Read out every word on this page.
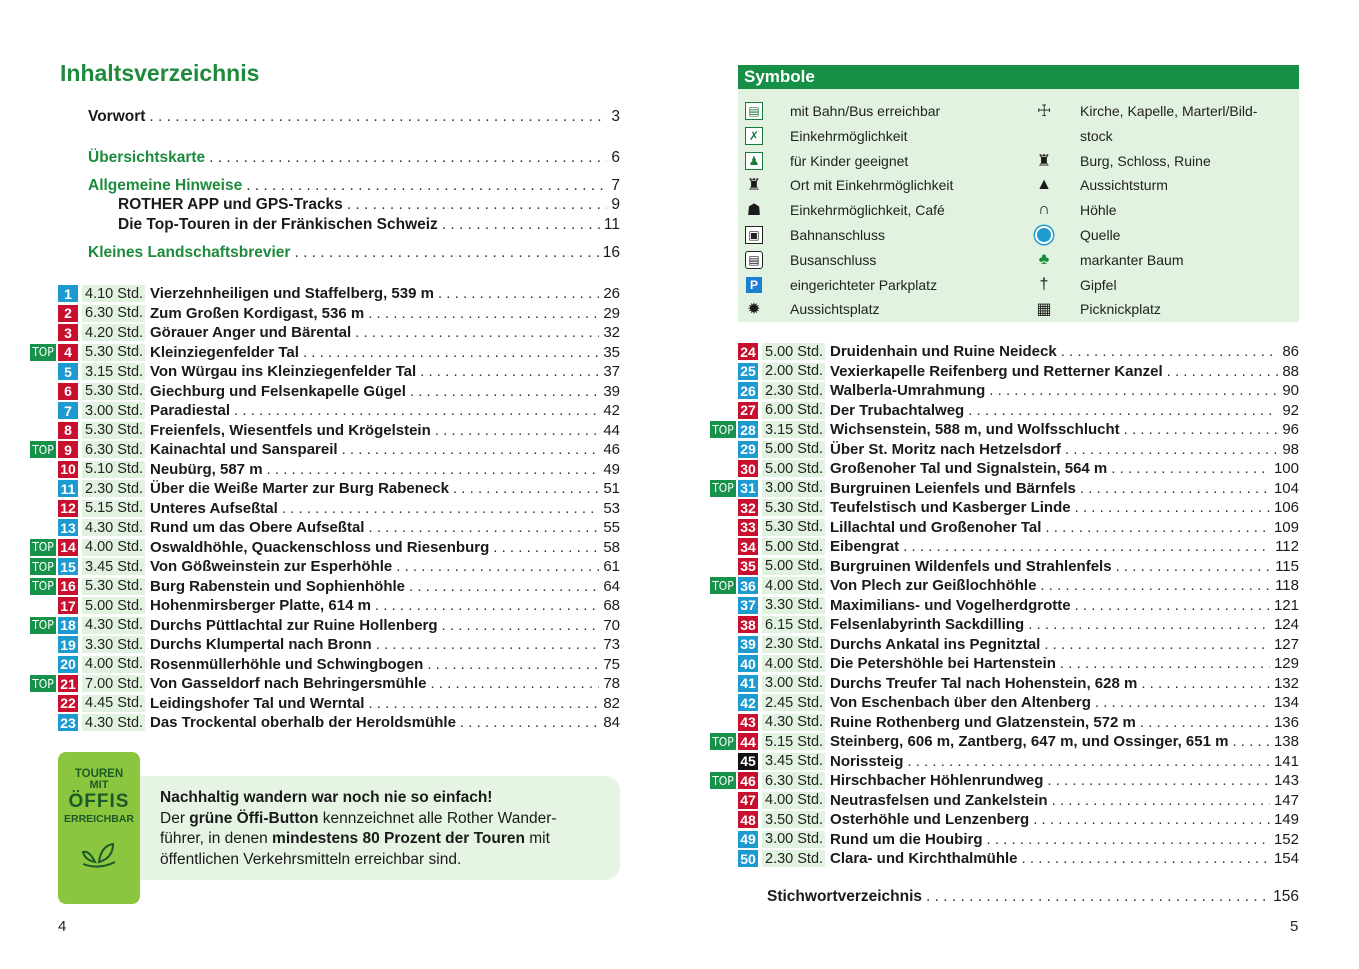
Inhaltsverzeichnis
Vorwort . . .	3
Übersichtskarte . . .	6
Allgemeine Hinweise . . .	7
ROTHER APP und GPS-Tracks . . .	9
Die Top-Touren in der Fränkischen Schweiz . . .	11
Kleines Landschaftsbrevier . . .	16
1 4.10 Std. Vierzehnheiligen und Staffelberg, 539 m . . .	26
2 6.30 Std. Zum Großen Kordigast, 536 m . . .	29
3 4.20 Std. Görauer Anger und Bärental . . .	32
TOP 4 5.30 Std. Kleinziegenfelder Tal . . .	35
5 3.15 Std. Von Würgau ins Kleinziegenfelder Tal . . .	37
6 5.30 Std. Giechburg und Felsenkapelle Gügel . . .	39
7 3.00 Std. Paradiestal . . .	42
8 5.30 Std. Freienfels, Wiesentfels und Krögelstein . . .	44
TOP 9 6.30 Std. Kainachtal und Sanspareil . . .	46
10 5.10 Std. Neubürg, 587 m . . .	49
11 2.30 Std. Über die Weiße Marter zur Burg Rabeneck . . .	51
12 5.15 Std. Unteres Aufseßtal . . .	53
13 4.30 Std. Rund um das Obere Aufseßtal . . .	55
TOP 14 4.00 Std. Oswaldhöhle, Quackenschloss und Riesenburg . . .	58
TOP 15 3.45 Std. Von Gößweinstein zur Esperhöhle . . .	61
TOP 16 5.30 Std. Burg Rabenstein und Sophienhöhle . . .	64
17 5.00 Std. Hohenmirsberger Platte, 614 m . . .	68
TOP 18 4.30 Std. Durchs Püttlachtal zur Ruine Hollenberg . . .	70
19 3.30 Std. Durchs Klumpertal nach Bronn . . .	73
20 4.00 Std. Rosenmüllerhöhle und Schwingbogen . . .	75
TOP 21 7.00 Std. Von Gasseldorf nach Behringersmühle . . .	78
22 4.45 Std. Leidingshofer Tal und Werntal . . .	82
23 4.30 Std. Das Trockental oberhalb der Heroldsmühle . . .	84
TOUREN
MIT
ÖFFIS
ERREICHBAR
Nachhaltig wandern war noch nie so einfach!
Der grüne Öffi-Button kennzeichnet alle Rother Wander-
führer, in denen mindestens 80 Prozent der Touren mit
öffentlichen Verkehrsmitteln erreichbar sind.
4
Symbole
▤ mit Bahn/Bus erreichbar
✗ Einkehrmöglichkeit
♟ für Kinder geeignet
♜ Ort mit Einkehrmöglichkeit
☗ Einkehrmöglichkeit, Café
▣ Bahnanschluss
▤ Busanschluss
P eingerichteter Parkplatz
✹	Aussichtsplatz
☩ Kirche, Kapelle, Marterl/Bild-
stock
♜ Burg, Schloss, Ruine
▲ Aussichtsturm
∩	Höhle
Quelle
♣ markanter Baum
†	Gipfel
▦ Picknickplatz
24 5.00 Std. Druidenhain und Ruine Neideck . . .	86
25 2.00 Std. Vexierkapelle Reifenberg und Retterner Kanzel . . .	88
26 2.30 Std. Walberla-Umrahmung . . .	90
27 6.00 Std. Der Trubachtalweg . . .	92
TOP 28 3.15 Std. Wichsenstein, 588 m, und Wolfsschlucht . . .	96
29 5.00 Std. Über St. Moritz nach Hetzelsdorf . . .	98
30 5.00 Std. Großenoher Tal und Signalstein, 564 m . . .	100
TOP 31 3.00 Std. Burgruinen Leienfels und Bärnfels . . .	104
32 5.30 Std. Teufelstisch und Kasberger Linde . . .	106
33 5.30 Std. Lillachtal und Großenoher Tal . . .	109
34 5.00 Std. Eibengrat . . .	112
35 5.00 Std. Burgruinen Wildenfels und Strahlenfels . . .	115
TOP 36 4.00 Std. Von Plech zur Geißlochhöhle . . .	118
37 3.30 Std. Maximilians- und Vogelherdgrotte . . .	121
38 6.15 Std. Felsenlabyrinth Sackdilling . . .	124
39 2.30 Std. Durchs Ankatal ins Pegnitztal . . .	127
40 4.00 Std. Die Petershöhle bei Hartenstein . . .	129
41 3.00 Std. Durchs Treufer Tal nach Hohenstein, 628 m . . .	132
42 2.45 Std. Von Eschenbach über den Altenberg . . .	134
43 4.30 Std. Ruine Rothenberg und Glatzenstein, 572 m . . .	136
TOP 44 5.15 Std. Steinberg, 606 m, Zantberg, 647 m, und Ossinger, 651 m . . .	138
45 3.45 Std. Norissteig . . .	141
TOP 46 6.30 Std. Hirschbacher Höhlenrundweg . . .	143
47 4.00 Std. Neutrasfelsen und Zankelstein . . .	147
48 3.50 Std. Osterhöhle und Lenzenberg . . .	149
49 3.00 Std. Rund um die Houbirg . . .	152
50 2.30 Std. Clara- und Kirchthalmühle . . .	154
Stichwortverzeichnis . . .	156
5
